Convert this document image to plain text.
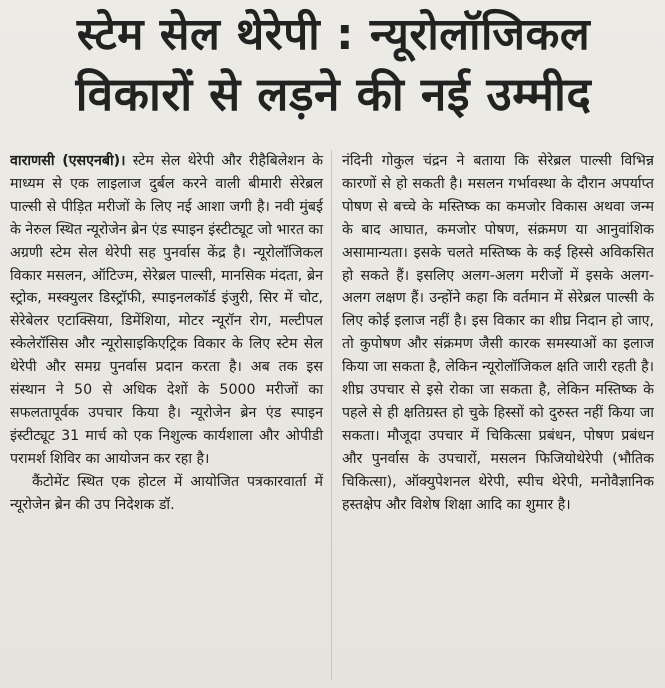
स्टेम सेल थेरेपी : न्यूरोलॉजिकल
विकारों से लड़ने की नई उम्मीद

वाराणसी (एसएनबी)। स्टेम सेल थेरेपी और रीहैबिलेशन के माध्यम से एक लाइलाज दुर्बल करने वाली बीमारी सेरेब्रल पाल्सी से पीड़ित मरीजों के लिए नई आशा जगी है। नवी मुंबई के नेरुल स्थित न्यूरोजेन ब्रेन एंड स्पाइन इंस्टीट्यूट जो भारत का अग्रणी स्टेम सेल थेरेपी सह पुनर्वास केंद्र है। न्यूरोलॉजिकल विकार मसलन, ऑटिज्म, सेरेब्रल पाल्सी, मानसिक मंदता, ब्रेन स्ट्रोक, मस्क्युलर डिस्ट्रॉफी, स्पाइनलकॉर्ड इंजुरी, सिर में चोट, सेरेबेलर एटाक्सिया, डिमेंशिया, मोटर न्यूरॉन रोग, मल्टीपल स्केलेरॉसिस और न्यूरोसाइकिएट्रिक विकार के लिए स्टेम सेल थेरेपी और समग्र पुनर्वास प्रदान करता है। अब तक इस संस्थान ने 50 से अधिक देशों के 5000 मरीजों का सफलतापूर्वक उपचार किया है। न्यूरोजेन ब्रेन एंड स्पाइन इंस्टीट्यूट 31 मार्च को एक निशुल्क कार्यशाला और ओपीडी परामर्श शिविर का आयोजन कर रहा है।

कैंटोमेंट स्थित एक होटल में आयोजित पत्रकारवार्ता में न्यूरोजेन ब्रेन की उप निदेशक डॉ.

नंदिनी गोकुल चंद्रन ने बताया कि सेरेब्रल पाल्सी विभिन्न कारणों से हो सकती है। मसलन गर्भावस्था के दौरान अपर्याप्त पोषण से बच्चे के मस्तिष्क का कमजोर विकास अथवा जन्म के बाद आघात, कमजोर पोषण, संक्रमण या आनुवांशिक असामान्यता। इसके चलते मस्तिष्क के कई हिस्से अविकसित हो सकते हैं। इसलिए अलग-अलग मरीजों में इसके अलग-अलग लक्षण हैं। उन्होंने कहा कि वर्तमान में सेरेब्रल पाल्सी के लिए कोई इलाज नहीं है। इस विकार का शीघ्र निदान हो जाए, तो कुपोषण और संक्रमण जैसी कारक समस्याओं का इलाज किया जा सकता है, लेकिन न्यूरोलॉजिकल क्षति जारी रहती है। शीघ्र उपचार से इसे रोका जा सकता है, लेकिन मस्तिष्क के पहले से ही क्षतिग्रस्त हो चुके हिस्सों को दुरुस्त नहीं किया जा सकता। मौजूदा उपचार में चिकित्सा प्रबंधन, पोषण प्रबंधन और पुनर्वास के उपचारों, मसलन फिजियोथेरेपी (भौतिक चिकित्सा), ऑक्युपेशनल थेरेपी, स्पीच थेरेपी, मनोवैज्ञानिक हस्तक्षेप और विशेष शिक्षा आदि का शुमार है।
